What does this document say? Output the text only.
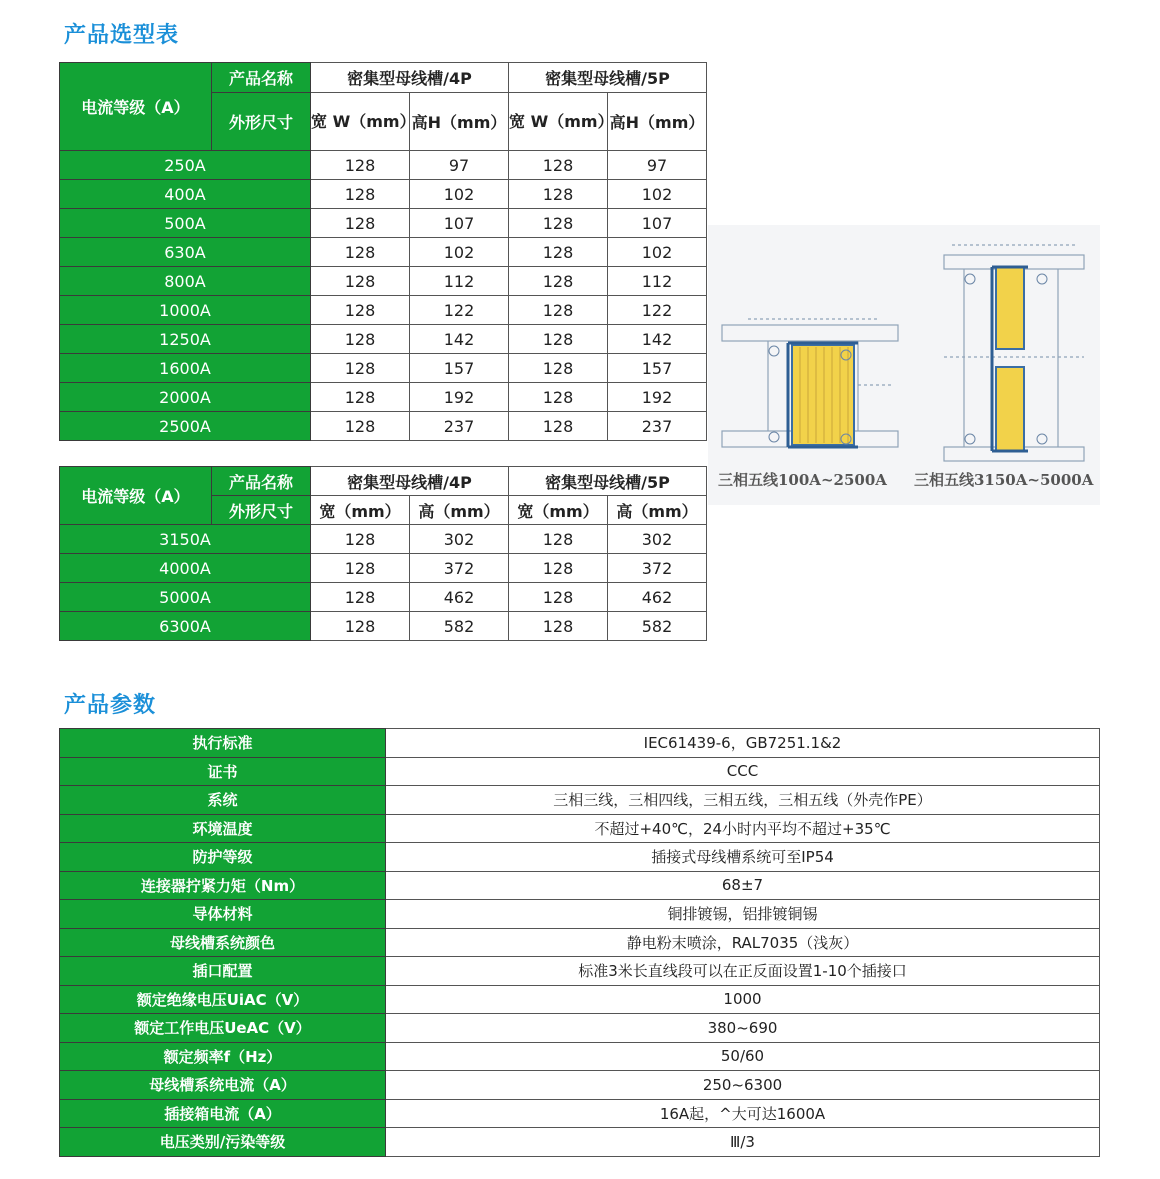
产品选型表
电流等级（A）	产品名称	密集型母线槽/4P		密集型母线槽/5P	
	外形尺寸	宽 W（mm）	高H（mm）	宽 W（mm）	高H（mm）
250A		128	97	128	97
400A		128	102	128	102
500A		128	107	128	107
630A		128	102	128	102
800A		128	112	128	112
1000A		128	122	128	122
1250A		128	142	128	142
1600A		128	157	128	157
2000A		128	192	128	192
2500A		128	237	128	237
电流等级（A）	产品名称	密集型母线槽/4P		密集型母线槽/5P	
	外形尺寸	宽（mm）	高（mm）	宽（mm）	高（mm）
3150A		128	302	128	302
4000A		128	372	128	372
5000A		128	462	128	462
6300A		128	582	128	582
三相五线100A~2500A 三相五线3150A~5000A
产品参数
执行标准	IEC61439-6，GB7251.1&2
证书	CCC
系统	三相三线，三相四线，三相五线，三相五线（外壳作PE）
环境温度	不超过+40℃，24小时内平均不超过+35℃
防护等级	插接式母线槽系统可至IP54
连接器拧紧力矩（Nm）	68±7
导体材料	铜排镀锡，铝排镀铜锡
母线槽系统颜色	静电粉末喷涂，RAL7035（浅灰）
插口配置	标准3米长直线段可以在正反面设置1-10个插接口
额定绝缘电压UiAC（V）	1000
额定工作电压UeAC（V）	380~690
额定频率f（Hz）	50/60
母线槽系统电流（A）	250~6300
插接箱电流（A）	16A起，^大可达1600A
电压类别/污染等级	Ⅲ/3
